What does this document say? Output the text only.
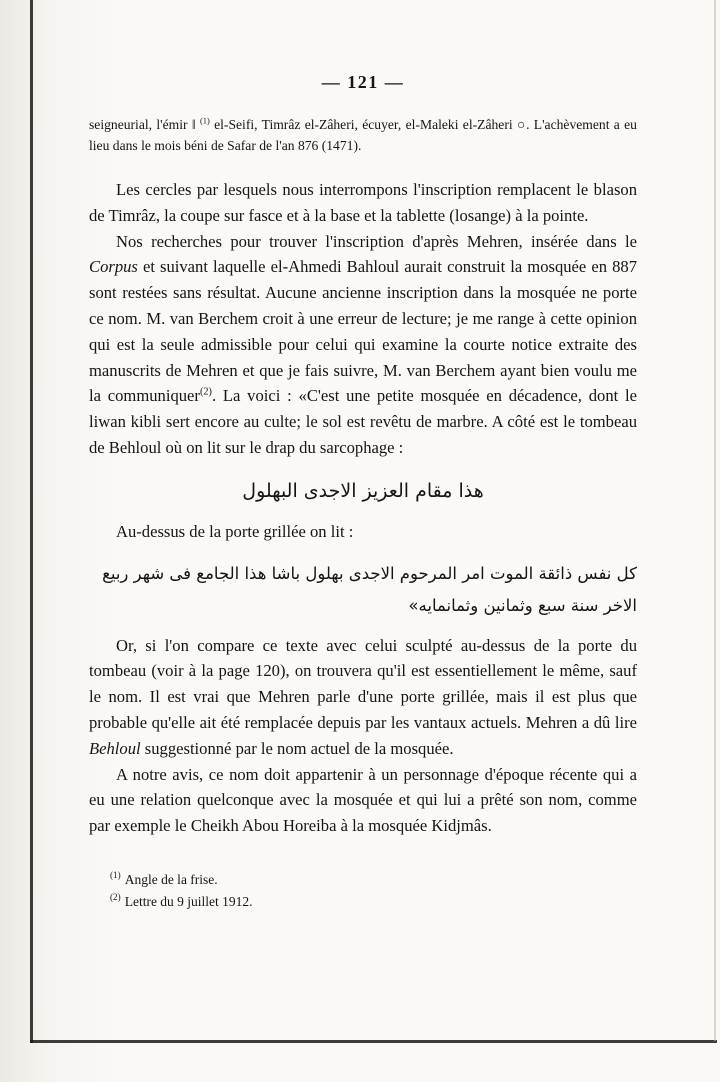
— 121 —

seigneurial, l'émir ‖ $^{(1)}$ el-Seifi, Timrâz el-Zâheri, écuyer, el-Maleki el-Zâheri ○. L'achèvement a eu lieu dans le mois béni de Safar de l'an 876 (1471).

Les cercles par lesquels nous interrompons l'inscription remplacent le blason de Timrâz, la coupe sur fasce et à la base et la tablette (losange) à la pointe.

Nos recherches pour trouver l'inscription d'après Mehren, insérée dans le Corpus et suivant laquelle el-Ahmedi Bahloul aurait construit la mosquée en 887 sont restées sans résultat. Aucune ancienne inscription dans la mosquée ne porte ce nom. M. van Berchem croit à une erreur de lecture; je me range à cette opinion qui est la seule admissible pour celui qui examine la courte notice extraite des manuscrits de Mehren et que je fais suivre, M. van Berchem ayant bien voulu me la communiquer$^{(2)}$. La voici : «C'est une petite mosquée en décadence, dont le liwan kibli sert encore au culte; le sol est revêtu de marbre. A côté est le tombeau de Behloul où on lit sur le drap du sarcophage :

هذا مقام العزيز الاجدى البهلول

Au-dessus de la porte grillée on lit :

كل نفس ذائقة الموت امر المرحوم الاجدى بهلول باشا هذا الجامع فى شهر ربيع
الاخر سنة سبع وثمانين وثمانمايه»

Or, si l'on compare ce texte avec celui sculpté au-dessus de la porte du tombeau (voir à la page 120), on trouvera qu'il est essentiellement le même, sauf le nom. Il est vrai que Mehren parle d'une porte grillée, mais il est plus que probable qu'elle ait été remplacée depuis par les vantaux actuels. Mehren a dû lire Behloul suggestionné par le nom actuel de la mosquée.

A notre avis, ce nom doit appartenir à un personnage d'époque récente qui a eu une relation quelconque avec la mosquée et qui lui a prêté son nom, comme par exemple le Cheikh Abou Horeiba à la mosquée Kidjmâs.

$^{(1)}$ Angle de la frise.

$^{(2)}$ Lettre du 9 juillet 1912.
